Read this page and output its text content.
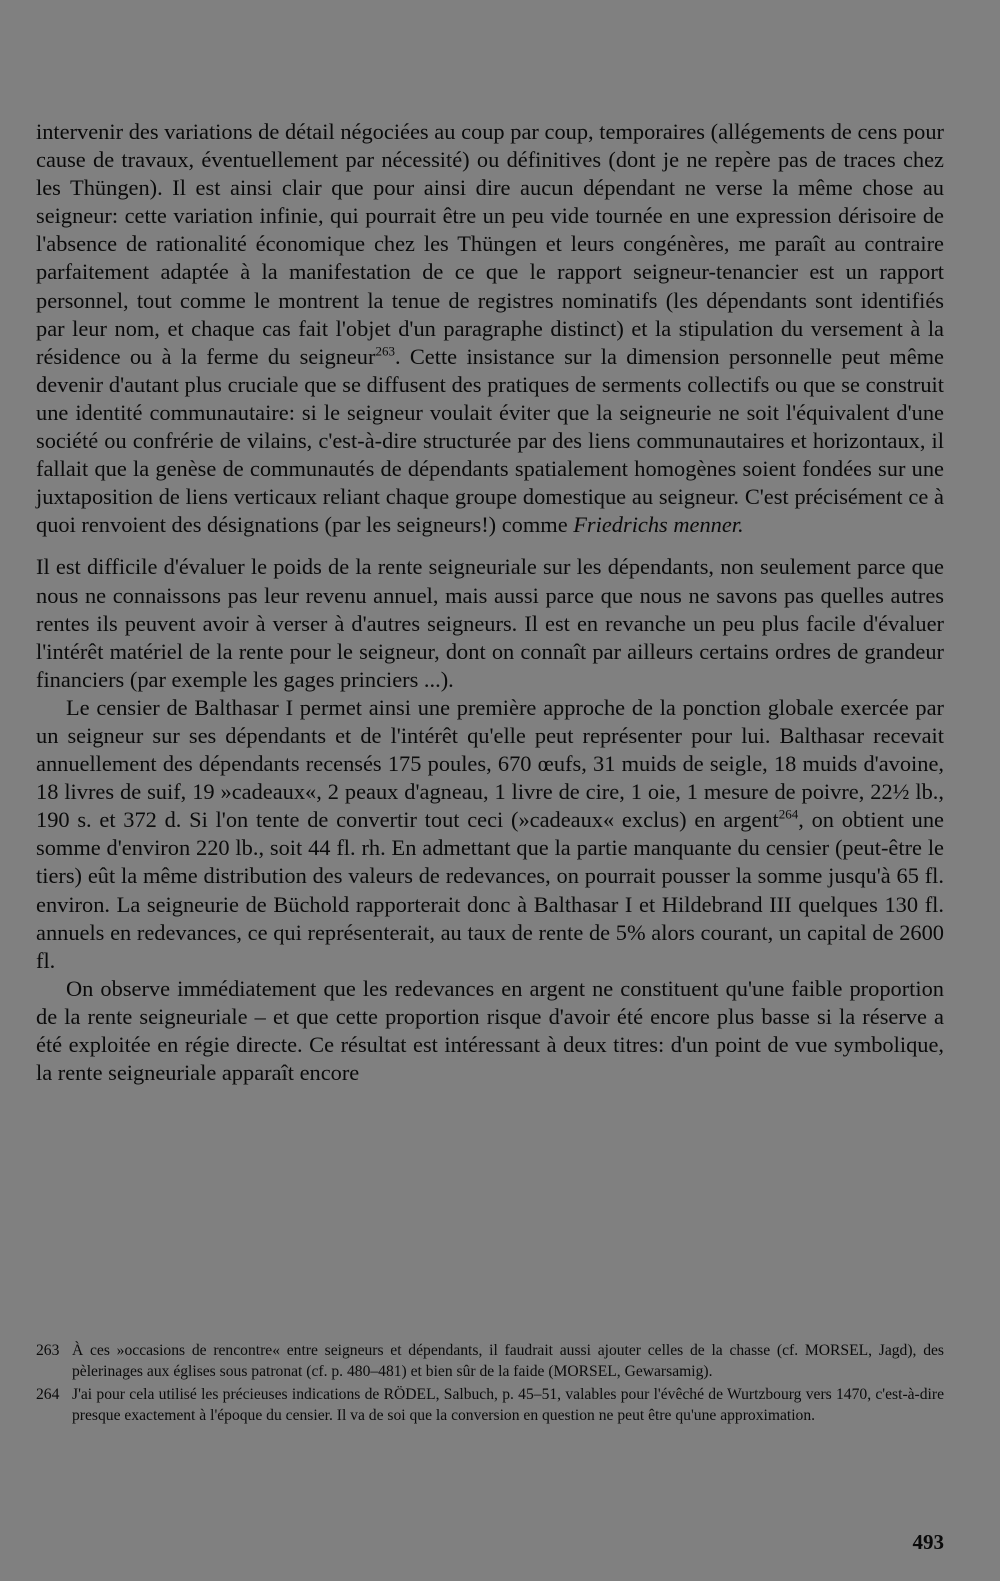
intervenir des variations de détail négociées au coup par coup, temporaires (allégements de cens pour cause de travaux, éventuellement par nécessité) ou définitives (dont je ne repère pas de traces chez les Thüngen). Il est ainsi clair que pour ainsi dire aucun dépendant ne verse la même chose au seigneur: cette variation infinie, qui pourrait être un peu vide tournée en une expression dérisoire de l'absence de rationalité économique chez les Thüngen et leurs congénères, me paraît au contraire parfaitement adaptée à la manifestation de ce que le rapport seigneur-tenancier est un rapport personnel, tout comme le montrent la tenue de registres nominatifs (les dépendants sont identifiés par leur nom, et chaque cas fait l'objet d'un paragraphe distinct) et la stipulation du versement à la résidence ou à la ferme du seigneur$^{263}$. Cette insistance sur la dimension personnelle peut même devenir d'autant plus cruciale que se diffusent des pratiques de serments collectifs ou que se construit une identité communautaire: si le seigneur voulait éviter que la seigneurie ne soit l'équivalent d'une société ou confrérie de vilains, c'est-à-dire structurée par des liens communautaires et horizontaux, il fallait que la genèse de communautés de dépendants spatialement homogènes soient fondées sur une juxtaposition de liens verticaux reliant chaque groupe domestique au seigneur. C'est précisément ce à quoi renvoient des désignations (par les seigneurs!) comme Friedrichs menner.

Il est difficile d'évaluer le poids de la rente seigneuriale sur les dépendants, non seulement parce que nous ne connaissons pas leur revenu annuel, mais aussi parce que nous ne savons pas quelles autres rentes ils peuvent avoir à verser à d'autres seigneurs. Il est en revanche un peu plus facile d'évaluer l'intérêt matériel de la rente pour le seigneur, dont on connaît par ailleurs certains ordres de grandeur financiers (par exemple les gages princiers ...).

Le censier de Balthasar I permet ainsi une première approche de la ponction globale exercée par un seigneur sur ses dépendants et de l'intérêt qu'elle peut représenter pour lui. Balthasar recevait annuellement des dépendants recensés 175 poules, 670 œufs, 31 muids de seigle, 18 muids d'avoine, 18 livres de suif, 19 »cadeaux«, 2 peaux d'agneau, 1 livre de cire, 1 oie, 1 mesure de poivre, 22½ lb., 190 s. et 372 d. Si l'on tente de convertir tout ceci (»cadeaux« exclus) en argent$^{264}$, on obtient une somme d'environ 220 lb., soit 44 fl. rh. En admettant que la partie manquante du censier (peut-être le tiers) eût la même distribution des valeurs de redevances, on pourrait pousser la somme jusqu'à 65 fl. environ. La seigneurie de Büchold rapporterait donc à Balthasar I et Hildebrand III quelques 130 fl. annuels en redevances, ce qui représenterait, au taux de rente de 5% alors courant, un capital de 2600 fl.

On observe immédiatement que les redevances en argent ne constituent qu'une faible proportion de la rente seigneuriale – et que cette proportion risque d'avoir été encore plus basse si la réserve a été exploitée en régie directe. Ce résultat est intéressant à deux titres: d'un point de vue symbolique, la rente seigneuriale apparaît encore

263 À ces »occasions de rencontre« entre seigneurs et dépendants, il faudrait aussi ajouter celles de la chasse (cf. MORSEL, Jagd), des pèlerinages aux églises sous patronat (cf. p. 480–481) et bien sûr de la faide (MORSEL, Gewarsamig).

264 J'ai pour cela utilisé les précieuses indications de RÖDEL, Salbuch, p. 45–51, valables pour l'évêché de Wurtzbourg vers 1470, c'est-à-dire presque exactement à l'époque du censier. Il va de soi que la conversion en question ne peut être qu'une approximation.

493
